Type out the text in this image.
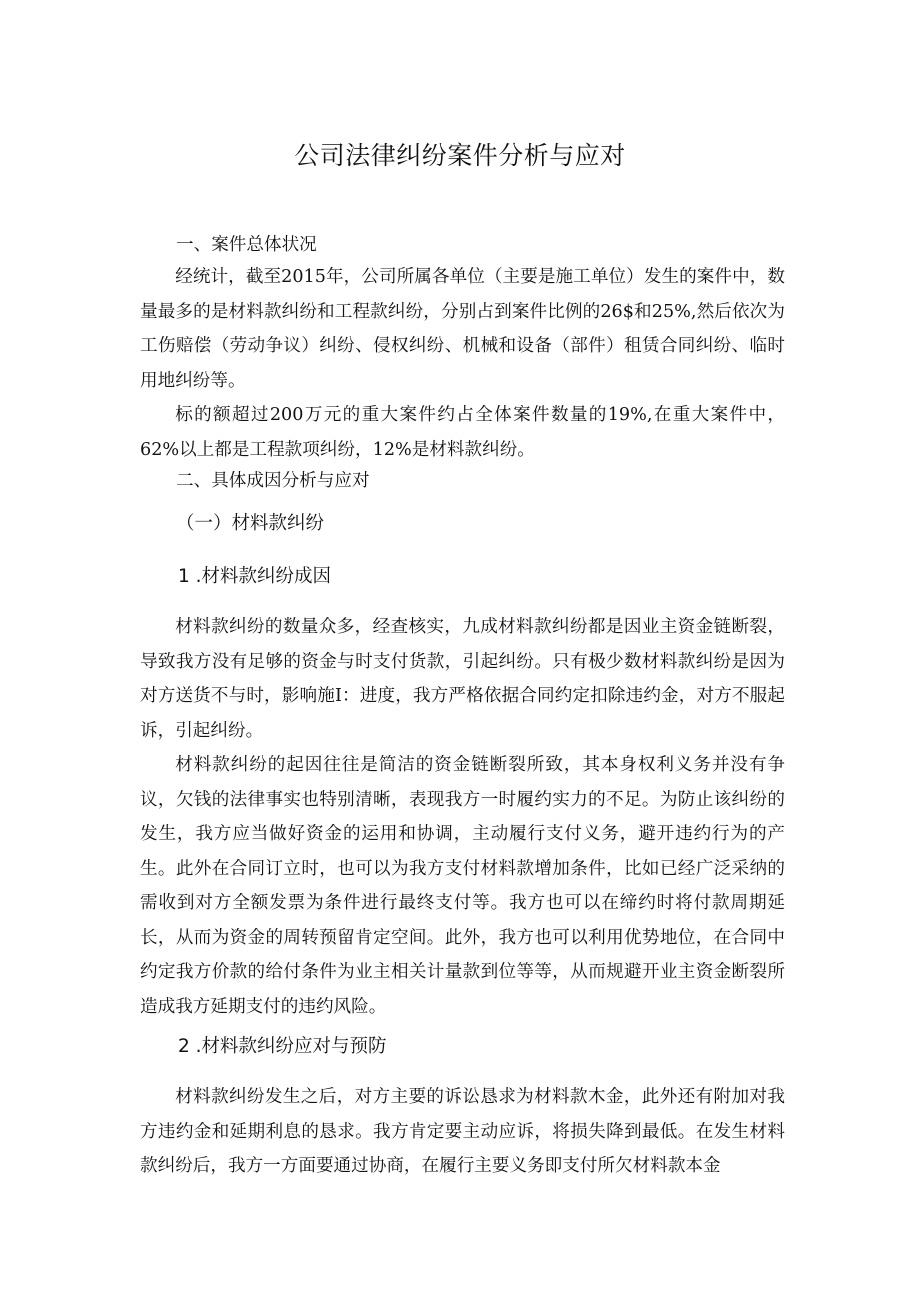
公司法律纠纷案件分析与应对
一、案件总体状况

经统计，截至2015年，公司所属各单位（主要是施工单位）发生的案件中，数量最多的是材料款纠纷和工程款纠纷，分别占到案件比例的26$和25%,然后依次为工伤赔偿（劳动争议）纠纷、侵权纠纷、机械和设备（部件）租赁合同纠纷、临时用地纠纷等。

标的额超过200万元的重大案件约占全体案件数量的19%,在重大案件中，62%以上都是工程款项纠纷，12%是材料款纠纷。

二、具体成因分析与应对
（一）材料款纠纷
1 .材料款纠纷成因

材料款纠纷的数量众多，经查核实，九成材料款纠纷都是因业主资金链断裂，导致我方没有足够的资金与时支付货款，引起纠纷。只有极少数材料款纠纷是因为对方送货不与时，影响施I：进度，我方严格依据合同约定扣除违约金，对方不服起诉，引起纠纷。

材料款纠纷的起因往往是简洁的资金链断裂所致，其本身权利义务并没有争议，欠钱的法律事实也特别清晰，表现我方一时履约实力的不足。为防止该纠纷的发生，我方应当做好资金的运用和协调，主动履行支付义务，避开违约行为的产生。此外在合同订立时，也可以为我方支付材料款增加条件，比如已经广泛采纳的需收到对方全额发票为条件进行最终支付等。我方也可以在缔约时将付款周期延长，从而为资金的周转预留肯定空间。此外，我方也可以利用优势地位，在合同中约定我方价款的给付条件为业主相关计量款到位等等，从而规避开业主资金断裂所造成我方延期支付的违约风险。

2 .材料款纠纷应对与预防

材料款纠纷发生之后，对方主要的诉讼恳求为材料款木金，此外还有附加对我方违约金和延期利息的恳求。我方肯定要主动应诉，将损失降到最低。在发生材料款纠纷后，我方一方面要通过协商，在履行主要义务即支付所欠材料款本金
